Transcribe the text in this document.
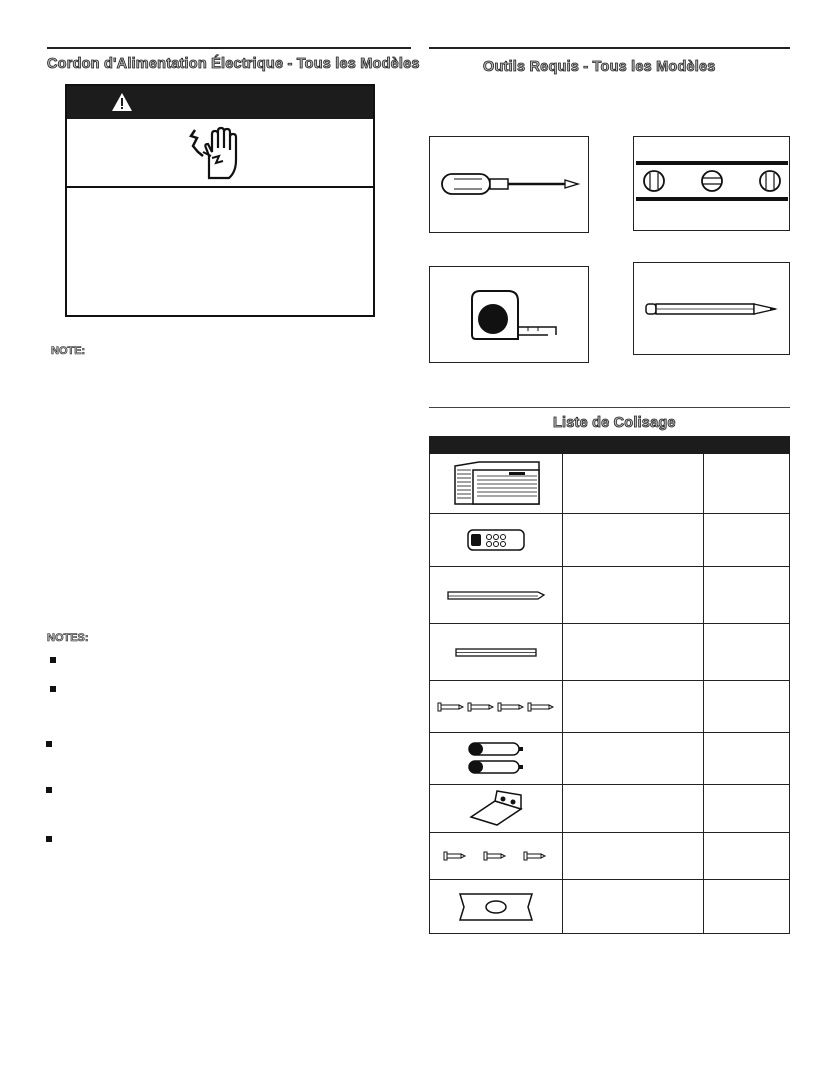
Cordon d'Alimentation Électrique - Tous les Modèles
NOTE:
NOTES:
Outils Requis - Tous les Modèles
Liste de Colisage
